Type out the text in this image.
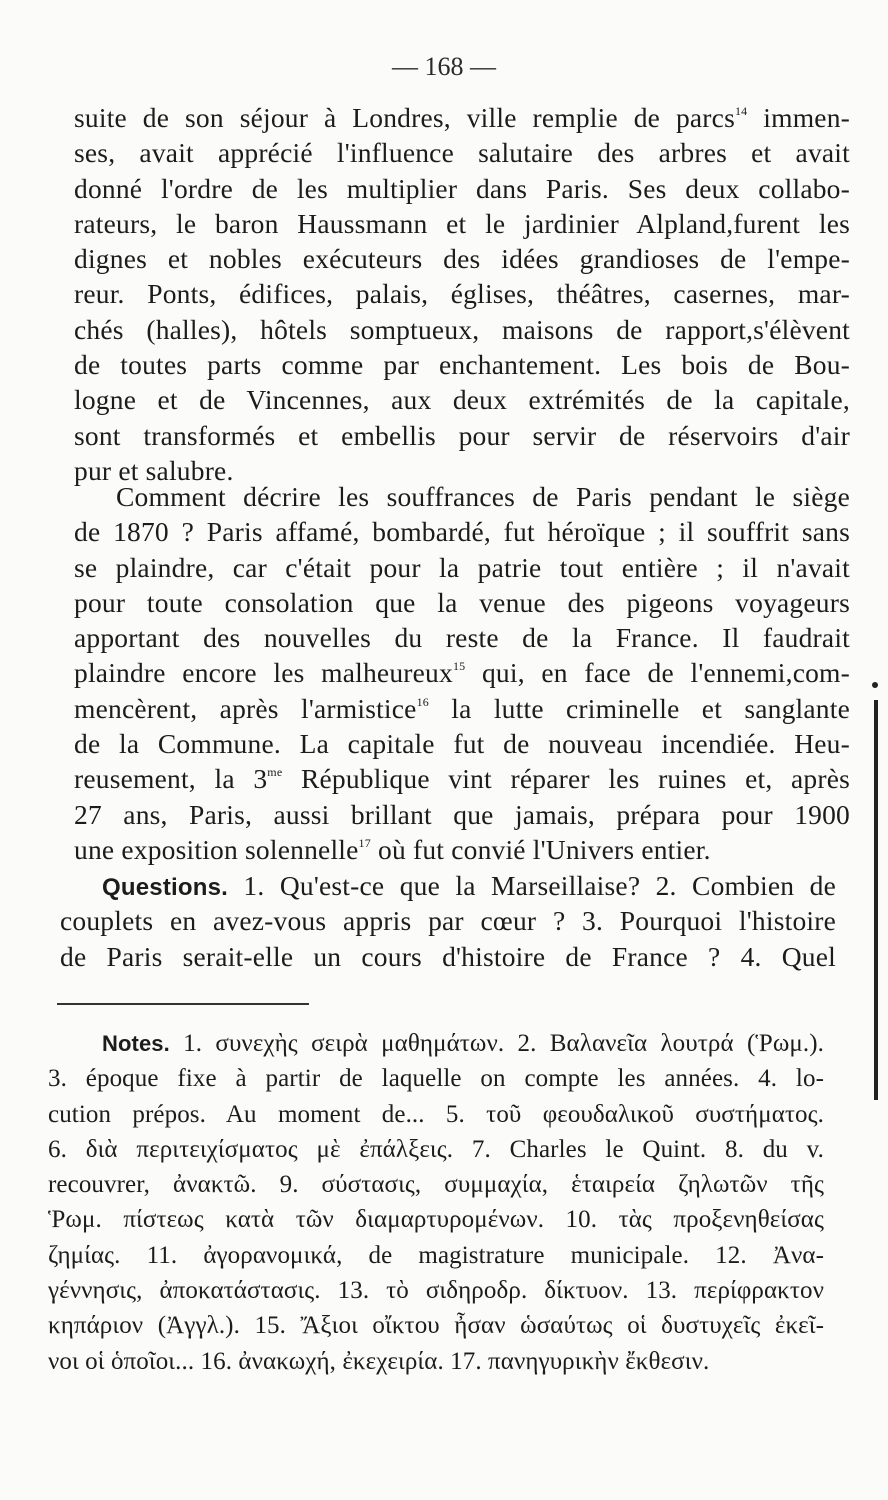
— 168 —
suite de son séjour à Londres, ville remplie de parcs$^{14}$ immen-
ses, avait apprécié l'influence salutaire des arbres et avait
donné l'ordre de les multiplier dans Paris. Ses deux collabo-
rateurs, le baron Haussmann et le jardinier Alpland,furent les
dignes et nobles exécuteurs des idées grandioses de l'empe-
reur. Ponts, édifices, palais, églises, théâtres, casernes, mar-
chés (halles), hôtels somptueux, maisons de rapport,s'élèvent
de toutes parts comme par enchantement. Les bois de Bou-
logne et de Vincennes, aux deux extrémités de la capitale,
sont transformés et embellis pour servir de réservoirs d'air
pur et salubre.
Comment décrire les souffrances de Paris pendant le siège
de 1870 ? Paris affamé, bombardé, fut héroïque ; il souffrit sans
se plaindre, car c'était pour la patrie tout entière ; il n'avait
pour toute consolation que la venue des pigeons voyageurs
apportant des nouvelles du reste de la France. Il faudrait
plaindre encore les malheureux$^{15}$ qui, en face de l'ennemi,com-
mencèrent, après l'armistice$^{16}$ la lutte criminelle et sanglante
de la Commune. La capitale fut de nouveau incendiée. Heu-
reusement, la $3^{me}$ République vint réparer les ruines et, après
27 ans, Paris, aussi brillant que jamais, prépara pour 1900
une exposition solennelle$^{17}$ où fut convié l'Univers entier.
Questions. 1. Qu'est-ce que la Marseillaise? 2. Combien de
couplets en avez-vous appris par cœur ? 3. Pourquoi l'histoire
de Paris serait-elle un cours d'histoire de France ? 4. Quel
Notes. 1. συνεχὴς σειρὰ μαθημάτων. 2. Βαλανεῖα λουτρά (Ῥωμ.).
3. époque fixe à partir de laquelle on compte les années. 4. lo-
cution prépos. Au moment de... 5. τοῦ φεουδαλικοῦ συστήματος.
6. διὰ περιτειχίσματος μὲ ἐπάλξεις. 7. Charles le Quint. 8. du v.
recouvrer, ἀνακτῶ. 9. σύστασις, συμμαχία, ἑταιρεία ζηλωτῶν τῆς
Ῥωμ. πίστεως κατὰ τῶν διαμαρτυρομένων. 10. τὰς προξενηθείσας
ζημίας. 11. ἀγορανομικά, de magistrature municipale. 12. Ἀνα-
γέννησις, ἀποκατάστασις. 13. τὸ σιδηροδρ. δίκτυον. 13. περίφρακτον
κηπάριον (Ἀγγλ.). 15. Ἄξιοι οἴκτου ἦσαν ὡσαύτως οἱ δυστυχεῖς ἐκεῖ-
νοι οἱ ὁποῖοι... 16. ἀνακωχή, ἐκεχειρία. 17. πανηγυρικὴν ἔκθεσιν.
